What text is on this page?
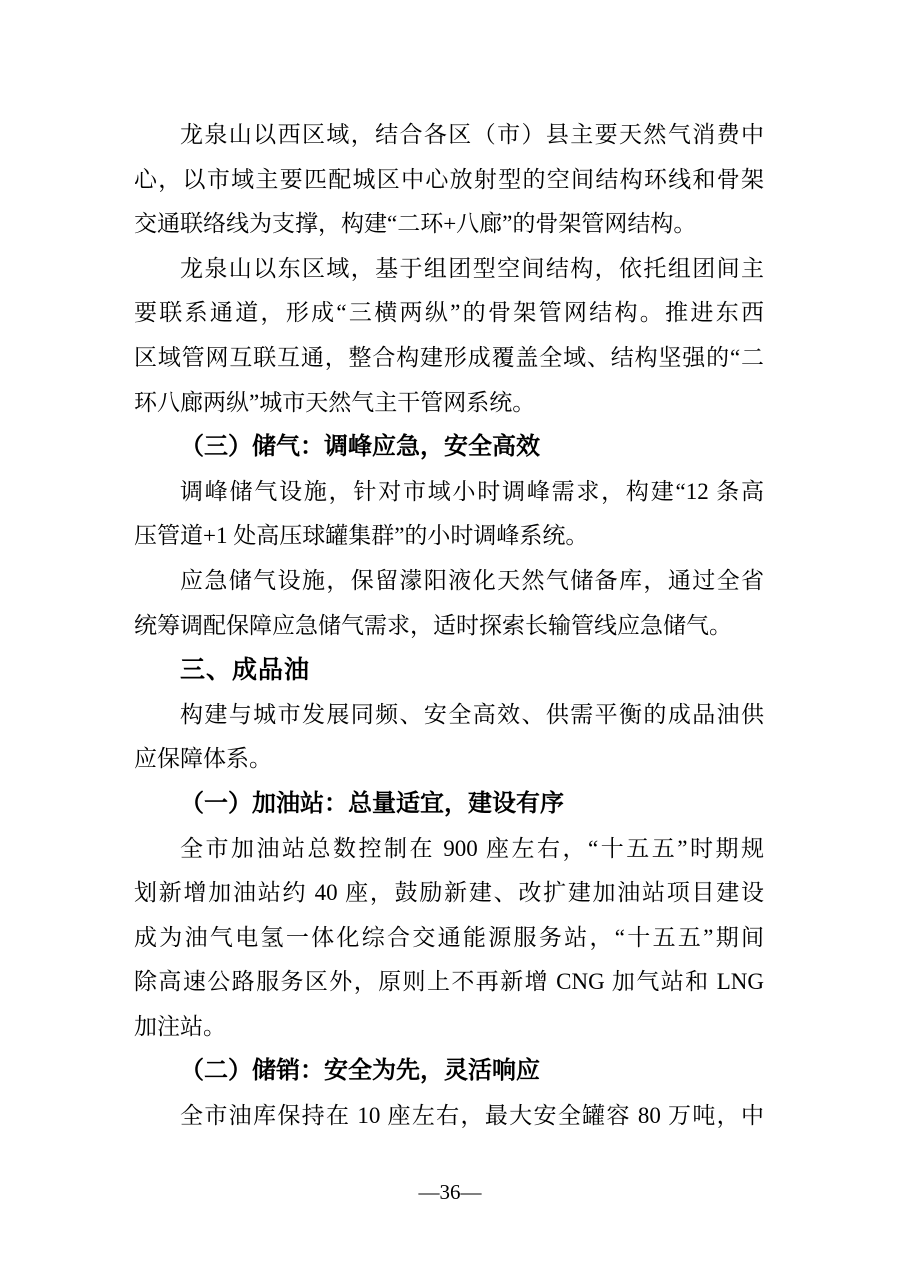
龙泉山以西区域，结合各区（市）县主要天然气消费中
心，以市域主要匹配城区中心放射型的空间结构环线和骨架
交通联络线为支撑，构建“二环+八廊”的骨架管网结构。
龙泉山以东区域，基于组团型空间结构，依托组团间主
要联系通道，形成“三横两纵”的骨架管网结构。推进东西
区域管网互联互通，整合构建形成覆盖全域、结构坚强的“二
环八廊两纵”城市天然气主干管网系统。
（三）储气：调峰应急，安全高效
调峰储气设施，针对市域小时调峰需求，构建“12 条高
压管道+1 处高压球罐集群”的小时调峰系统。
应急储气设施，保留濛阳液化天然气储备库，通过全省
统筹调配保障应急储气需求，适时探索长输管线应急储气。
三、成品油
构建与城市发展同频、安全高效、供需平衡的成品油供
应保障体系。
（一）加油站：总量适宜，建设有序
全市加油站总数控制在 900 座左右，“十五五”时期规
划新增加油站约 40 座，鼓励新建、改扩建加油站项目建设
成为油气电氢一体化综合交通能源服务站，“十五五”期间
除高速公路服务区外，原则上不再新增 CNG 加气站和 LNG
加注站。
（二）储销：安全为先，灵活响应
全市油库保持在 10 座左右，最大安全罐容 80 万吨，中
—36—
